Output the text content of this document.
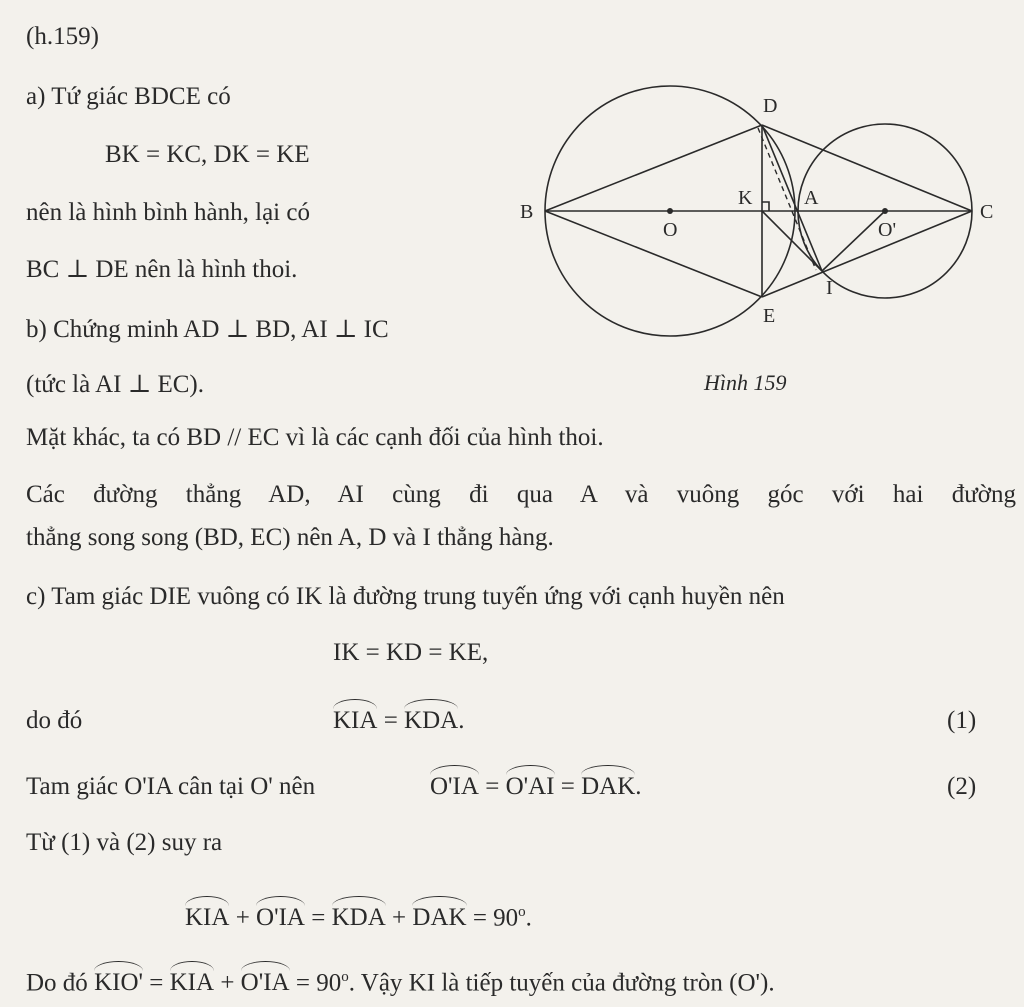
(h.159)
a) Tứ giác BDCE có
BK = KC, DK = KE
nên là hình bình hành, lại có
BC ⊥ DE nên là hình thoi.
b) Chứng minh AD ⊥ BD, AI ⊥ IC
(tức là AI ⊥ EC).
Mặt khác, ta có BD // EC vì là các cạnh đối của hình thoi.
Các đường thẳng AD, AI cùng đi qua A và vuông góc với hai đường
thẳng song song (BD, EC) nên A, D và I thẳng hàng.
c) Tam giác DIE vuông có IK là đường trung tuyến ứng với cạnh huyền nên
IK = KD = KE,
do đó	KIA = KDA.	(1)
Tam giác O'IA cân tại O' nên	O'IA = O'AI = DAK.	(2)
Từ (1) và (2) suy ra
KIA + O'IA = KDA + DAK = $90^o$.
Do đó KIO' = KIA + $O'IA = 90^o$. Vậy KI là tiếp tuyến của đường tròn (O').
B	C
D
E
K	A
O	O'
I
Hình 159
